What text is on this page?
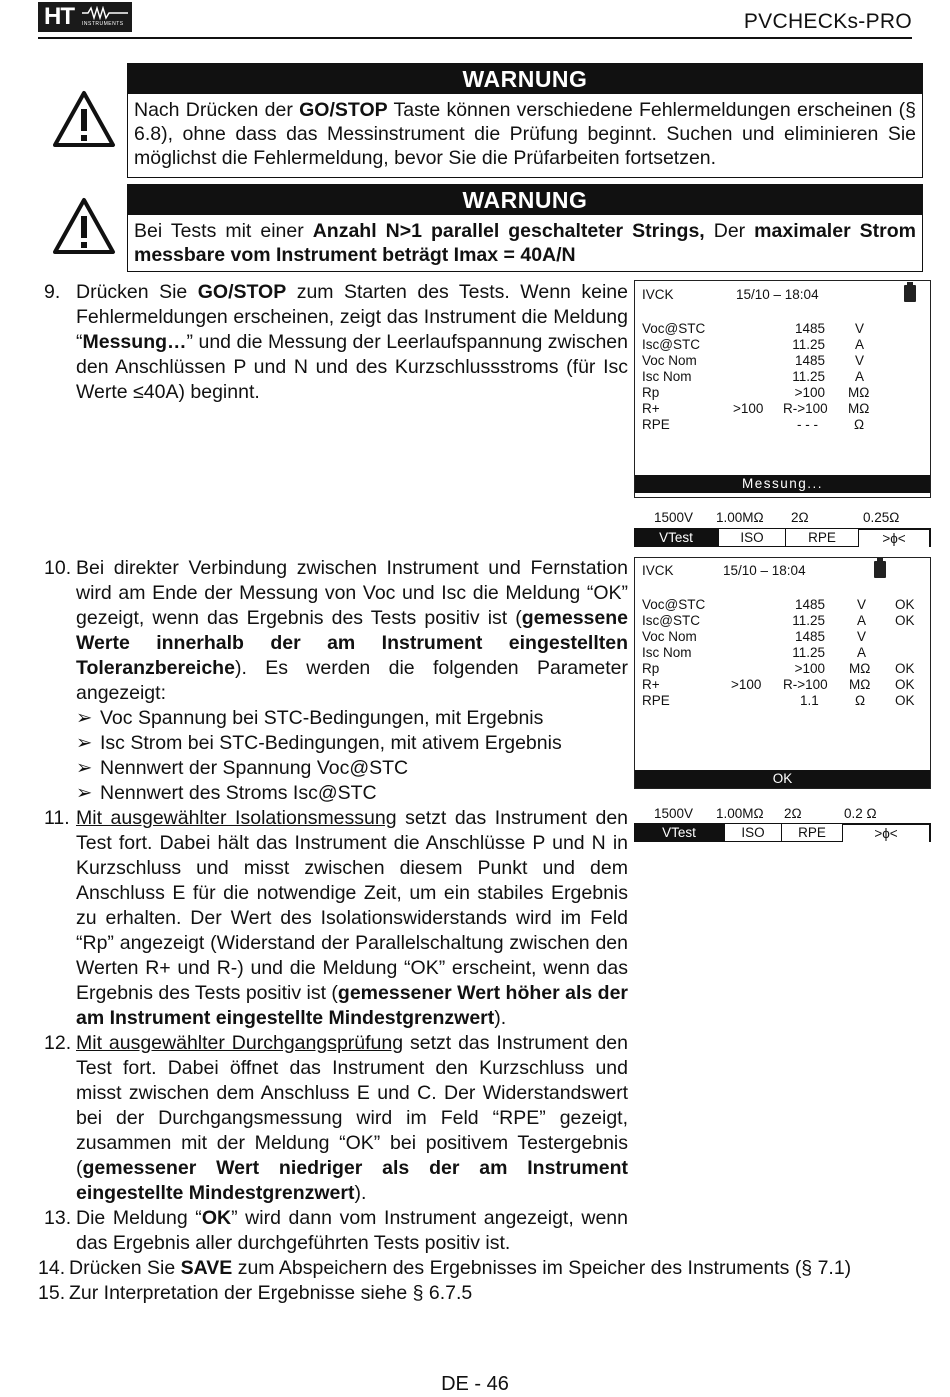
HT INSTRUMENTS	PVCHECKs-PRO
WARNUNG
Nach Drücken der GO/STOP Taste können verschiedene Fehlermeldungen erscheinen (§ 6.8), ohne dass das Messinstrument die Prüfung beginnt. Suchen und eliminieren Sie möglichst die Fehlermeldung, bevor Sie die Prüfarbeiten fortsetzen.
WARNUNG
Bei Tests mit einer Anzahl N>1 parallel geschalteter Strings, Der maximaler Strom messbare vom Instrument beträgt Imax = 40A/N
9. Drücken Sie GO/STOP zum Starten des Tests. Wenn keine Fehlermeldungen erscheinen, zeigt das Instrument die Meldung “Messung…” und die Messung der Leerlaufspannung zwischen den Anschlüssen P und N und des Kurzschlussstroms (für Isc Werte ≤40A) beginnt.
IVCK	15/10 – 18:04
Voc@STC	1485 V
Isc@STC	11.25 A
Voc Nom	1485 V
Isc Nom	11.25 A
Rp	>100 MΩ
R+	>100 R->100 MΩ
RPE	- - -	Ω
Messung...
1500V 1.00MΩ 2Ω	0.25Ω
VTest	ISO	RPE	>ϕ<
10. Bei direkter Verbindung zwischen Instrument und Fernstation wird am Ende der Messung von Voc und Isc die Meldung “OK” gezeigt, wenn das Ergebnis des Tests positiv ist (gemessene Werte innerhalb der am Instrument eingestellten Toleranzbereiche). Es werden die folgenden Parameter angezeigt:
➢ Voc Spannung bei STC-Bedingungen, mit Ergebnis
➢ Isc Strom bei STC-Bedingungen, mit ativem Ergebnis
➢ Nennwert der Spannung Voc@STC
➢ Nennwert des Stroms Isc@STC
IVCK	15/10 – 18:04
Voc@STC	1485 V OK
Isc@STC	11.25 A OK
Voc Nom	1485 V
Isc Nom	11.25 A
Rp	>100 MΩ OK
R+	>100 R->100 MΩ OK
RPE	1.1	Ω OK
OK
1500V 1.00MΩ 2Ω	0.2 Ω
VTest	ISO	RPE	>ϕ<
11. Mit ausgewählter Isolationsmessung setzt das Instrument den Test fort. Dabei hält das Instrument die Anschlüsse P und N in Kurzschluss und misst zwischen diesem Punkt und dem Anschluss E für die notwendige Zeit, um ein stabiles Ergebnis zu erhalten. Der Wert des Isolationswiderstands wird im Feld “Rp” angezeigt (Widerstand der Parallelschaltung zwischen den Werten R+ und R-) und die Meldung “OK” erscheint, wenn das Ergebnis des Tests positiv ist (gemessener Wert höher als der am Instrument eingestellte Mindestgrenzwert).
12. Mit ausgewählter Durchgangsprüfung setzt das Instrument den Test fort. Dabei öffnet das Instrument den Kurzschluss und misst zwischen dem Anschluss E und C. Der Widerstandswert bei der Durchgangsmessung wird im Feld “RPE” gezeigt, zusammen mit der Meldung “OK” bei positivem Testergebnis (gemessener Wert niedriger als der am Instrument eingestellte Mindestgrenzwert).
13. Die Meldung “OK” wird dann vom Instrument angezeigt, wenn das Ergebnis aller durchgeführten Tests positiv ist.
14. Drücken Sie SAVE zum Abspeichern des Ergebnisses im Speicher des Instruments (§ 7.1)
15. Zur Interpretation der Ergebnisse siehe § 6.7.5
DE - 46
